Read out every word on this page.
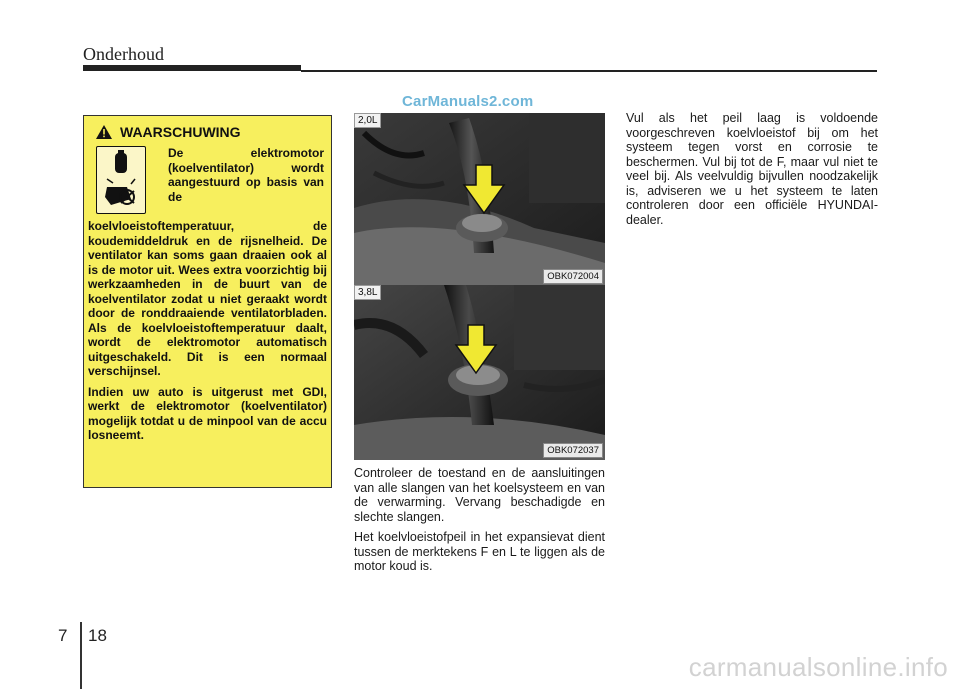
Onderhoud
CarManuals2.com
WAARSCHUWING
De elektromotor (koelventilator) wordt aangestuurd op basis van de

koelvloeistoftemperatuur, de koudemiddeldruk en de rijsnelheid. De ventilator kan soms gaan draaien ook al is de motor uit. Wees extra voorzichtig bij werkzaamheden in de buurt van de koelventilator zodat u niet geraakt wordt door de ronddraaiende ventilatorbladen. Als de koelvloeistoftemperatuur daalt, wordt de elektromotor automatisch uitgeschakeld. Dit is een normaal verschijnsel.

Indien uw auto is uitgerust met GDI, werkt de elektromotor (koelventilator) mogelijk totdat u de minpool van de accu losneemt.

2,0L
OBK072004
3,8L
OBK072037

Controleer de toestand en de aansluitingen van alle slangen van het koelsysteem en van de verwarming. Vervang beschadigde en slechte slangen.

Het koelvloeistofpeil in het expansievat dient tussen de merktekens F en L te liggen als de motor koud is.

Vul als het peil laag is voldoende voorgeschreven koelvloeistof bij om het systeem tegen vorst en corrosie te beschermen. Vul bij tot de F, maar vul niet te veel bij. Als veelvuldig bijvullen noodzakelijk is, adviseren we u het systeem te laten controleren door een officiële HYUNDAI-dealer.

7 18
carmanualsonline.info
